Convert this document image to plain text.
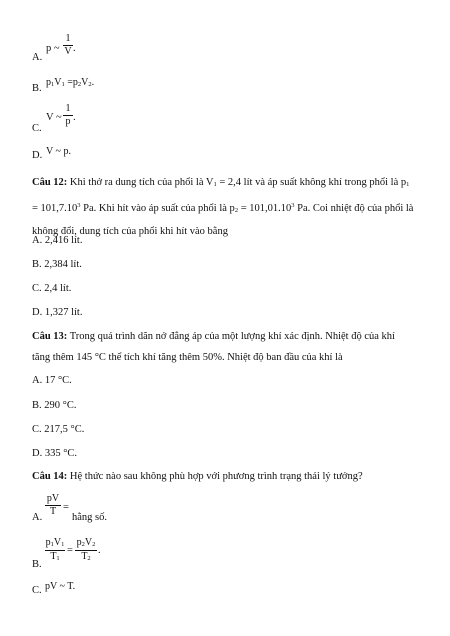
p ~
1
V .
A.
B.
$p_1V_1 =p_2V_2$.
V ~
1
p .
C.
D. V ~ p.
Câu 12: Khi thở ra dung tích của phổi là $V_1 = 2,4$ lít và áp suất không khí trong phổi là $p_1$
= $101,7.10^3$ Pa. Khi hít vào áp suất của phổi là $p_2 = 101,01.10^3$ Pa. Coi nhiệt độ của phổi là
không đổi, dung tích của phổi khi hít vào bằng
A. 2,416 lít.
B. 2,384 lít.
C. 2,4 lít.
D. 1,327 lít.
Câu 13: Trong quá trình dãn nở đẳng áp của một lượng khí xác định. Nhiệt độ của khí
tăng thêm 145 °C thể tích khí tăng thêm 50%. Nhiệt độ ban đầu của khí là
A. 17 °C.
B. 290 °C.
C. 217,5 °C.
D. 335 °C.
Câu 14: Hệ thức nào sau không phù hợp với phương trình trạng thái lý tưởng?
pV
T =
A.	hằng số.
$p_1V_1$
$T_1$
=
$p_2V_2$
$T_2$
.
B.
C. pV ~ T.
